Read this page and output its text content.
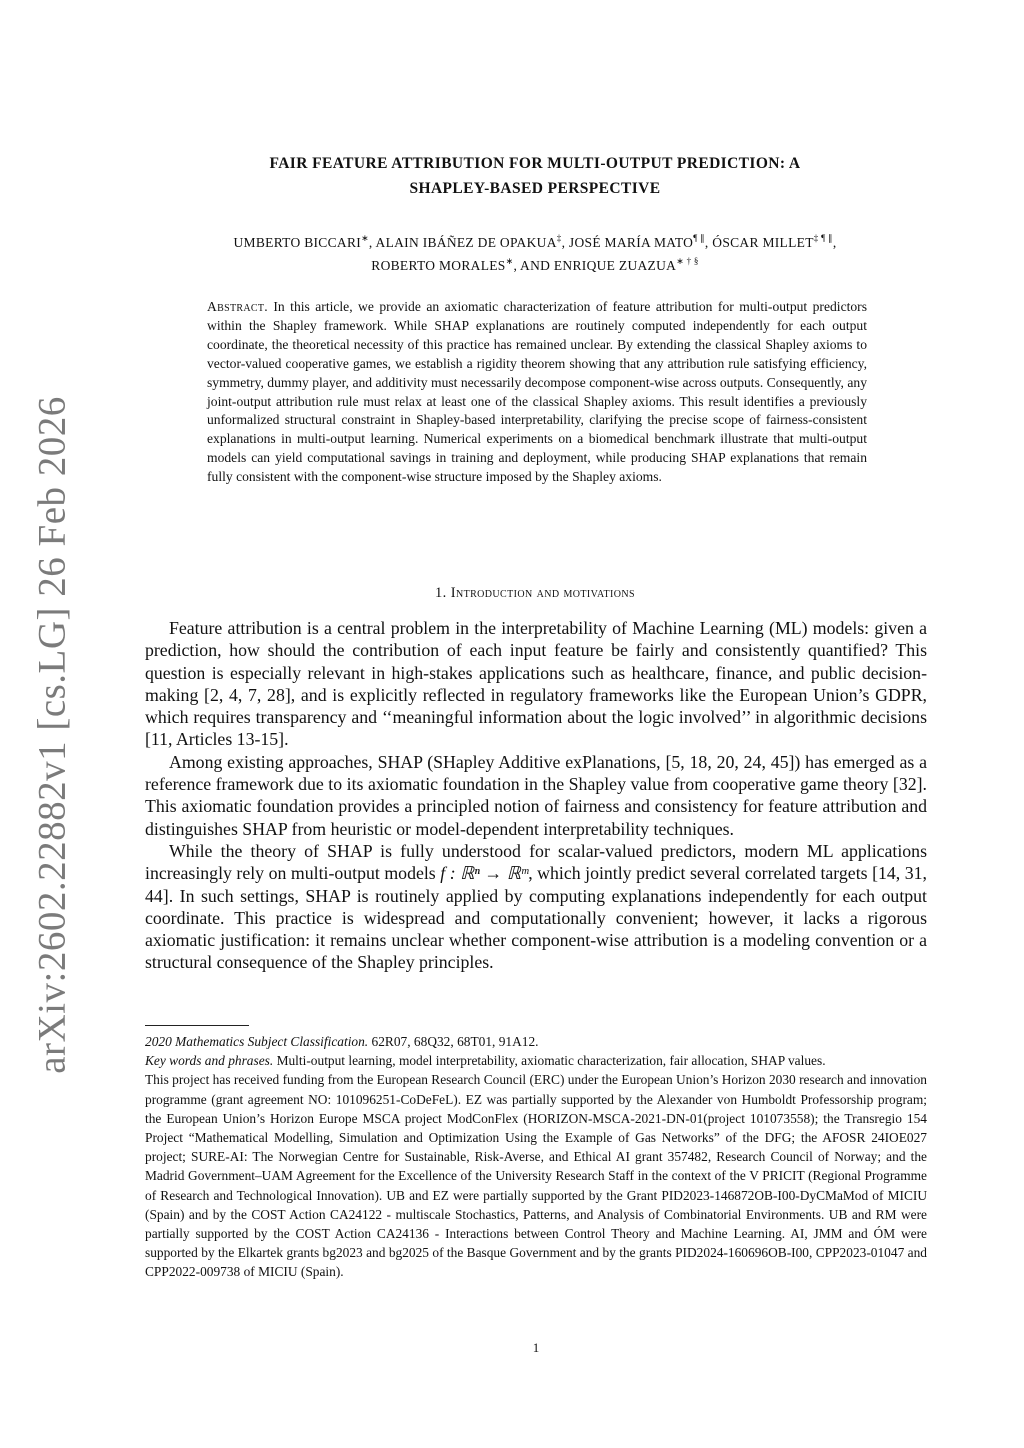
arXiv:2602.22882v1 [cs.LG] 26 Feb 2026
FAIR FEATURE ATTRIBUTION FOR MULTI-OUTPUT PREDICTION: A
SHAPLEY-BASED PERSPECTIVE
UMBERTO BICCARI∗, ALAIN IBÁÑEZ DE OPAKUA‡, JOSÉ MARÍA MATO¶ ∥, ÓSCAR MILLET‡ ¶ ∥,
ROBERTO MORALES∗, AND ENRIQUE ZUAZUA∗ † §
Abstract. In this article, we provide an axiomatic characterization of feature attribution for multi-output predictors within the Shapley framework. While SHAP explanations are routinely computed independently for each output coordinate, the theoretical necessity of this practice has remained unclear. By extending the classical Shapley axioms to vector-valued cooperative games, we establish a rigidity theorem showing that any attribution rule satisfying efficiency, symmetry, dummy player, and additivity must necessarily decompose component-wise across outputs. Consequently, any joint-output attribution rule must relax at least one of the classical Shapley axioms. This result identifies a previously unformalized structural constraint in Shapley-based interpretability, clarifying the precise scope of fairness-consistent explanations in multi-output learning. Numerical experiments on a biomedical benchmark illustrate that multi-output models can yield computational savings in training and deployment, while producing SHAP explanations that remain fully consistent with the component-wise structure imposed by the Shapley axioms.
1. Introduction and motivations

Feature attribution is a central problem in the interpretability of Machine Learning (ML) models: given a prediction, how should the contribution of each input feature be fairly and consistently quantified? This question is especially relevant in high-stakes applications such as healthcare, finance, and public decision-making [2, 4, 7, 28], and is explicitly reflected in regulatory frameworks like the European Union’s GDPR, which requires transparency and ‘‘meaningful information about the logic involved’’ in algorithmic decisions [11, Articles 13-15].

Among existing approaches, SHAP (SHapley Additive exPlanations, [5, 18, 20, 24, 45]) has emerged as a reference framework due to its axiomatic foundation in the Shapley value from cooperative game theory [32]. This axiomatic foundation provides a principled notion of fairness and consistency for feature attribution and distinguishes SHAP from heuristic or model-dependent interpretability techniques.

While the theory of SHAP is fully understood for scalar-valued predictors, modern ML applications increasingly rely on multi-output models f : ℝⁿ → ℝᵐ, which jointly predict several correlated targets [14, 31, 44]. In such settings, SHAP is routinely applied by computing explanations independently for each output coordinate. This practice is widespread and computationally convenient; however, it lacks a rigorous axiomatic justification: it remains unclear whether component-wise attribution is a modeling convention or a structural consequence of the Shapley principles.

2020 Mathematics Subject Classification. 62R07, 68Q32, 68T01, 91A12.

Key words and phrases. Multi-output learning, model interpretability, axiomatic characterization, fair allocation, SHAP values.

This project has received funding from the European Research Council (ERC) under the European Union’s Horizon 2030 research and innovation programme (grant agreement NO: 101096251-CoDeFeL). EZ was partially supported by the Alexander von Humboldt Professorship program; the European Union’s Horizon Europe MSCA project ModConFlex (HORIZON-MSCA-2021-DN-01(project 101073558); the Transregio 154 Project “Mathematical Modelling, Simulation and Optimization Using the Example of Gas Networks” of the DFG; the AFOSR 24IOE027 project; SURE-AI: The Norwegian Centre for Sustainable, Risk-Averse, and Ethical AI grant 357482, Research Council of Norway; and the Madrid Government–UAM Agreement for the Excellence of the University Research Staff in the context of the V PRICIT (Regional Programme of Research and Technological Innovation). UB and EZ were partially supported by the Grant PID2023-146872OB-I00-DyCMaMod of MICIU (Spain) and by the COST Action CA24122 - multiscale Stochastics, Patterns, and Analysis of Combinatorial Environments. UB and RM were partially supported by the COST Action CA24136 - Interactions between Control Theory and Machine Learning. AI, JMM and ÓM were supported by the Elkartek grants bg2023 and bg2025 of the Basque Government and by the grants PID2024-160696OB-I00, CPP2023-01047 and CPP2022-009738 of MICIU (Spain).

1
